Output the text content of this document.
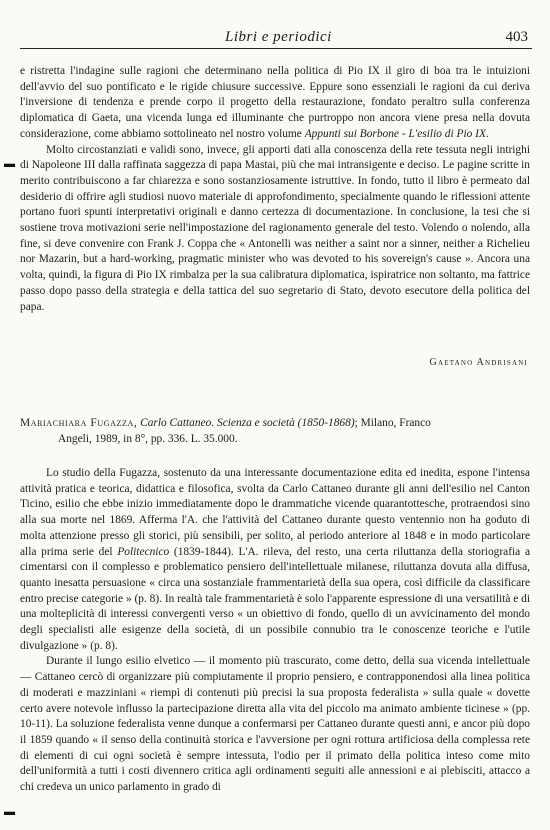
Libri e periodici	403

e ristretta l'indagine sulle ragioni che determinano nella politica di Pio IX il giro di boa tra le intuizioni dell'avvio del suo pontificato e le rigide chiusure successive. Eppure sono essenziali le ragioni da cui deriva l'inversione di tendenza e prende corpo il progetto della restaurazione, fondato peraltro sulla conferenza diplomatica di Gaeta, una vicenda lunga ed illuminante che purtroppo non ancora viene presa nella dovuta considerazione, come abbiamo sottolineato nel nostro volume Appunti sui Borbone - L'esilio di Pio IX.

Molto circostanziati e validi sono, invece, gli apporti dati alla conoscenza della rete tessuta negli intrighi di Napoleone III dalla raffinata saggezza di papa Mastai, più che mai intransigente e deciso. Le pagine scritte in merito contribuiscono a far chiarezza e sono sostanziosamente istruttive. In fondo, tutto il libro è permeato dal desiderio di offrire agli studiosi nuovo materiale di approfondimento, specialmente quando le riflessioni attente portano fuori spunti interpretativi originali e danno certezza di documentazione. In conclusione, la tesi che si sostiene trova motivazioni serie nell'impostazione del ragionamento generale del testo. Volendo o nolendo, alla fine, si deve convenire con Frank J. Coppa che « Antonelli was neither a saint nor a sinner, neither a Richelieu nor Mazarin, but a hard-working, pragmatic minister who was devoted to his sovereign's cause ». Ancora una volta, quindi, la figura di Pio IX rimbalza per la sua calibratura diplomatica, ispiratrice non soltanto, ma fattrice passo dopo passo della strategia e della tattica del suo segretario di Stato, devoto esecutore della politica del papa.

Gaetano Andrisani
Mariachiara Fugazza, Carlo Cattaneo. Scienza e società (1850-1868); Milano, Franco
Angeli, 1989, in 8°, pp. 336. L. 35.000.

Lo studio della Fugazza, sostenuto da una interessante documentazione edita ed inedita, espone l'intensa attività pratica e teorica, didattica e filosofica, svolta da Carlo Cattaneo durante gli anni dell'esilio nel Canton Ticino, esilio che ebbe inizio immediatamente dopo le drammatiche vicende quarantottesche, protraendosi sino alla sua morte nel 1869. Afferma l'A. che l'attività del Cattaneo durante questo ventennio non ha goduto di molta attenzione presso gli storici, più sensibili, per solito, al periodo anteriore al 1848 e in modo particolare alla prima serie del Politecnico (1839-1844). L'A. rileva, del resto, una certa riluttanza della storiografia a cimentarsi con il complesso e problematico pensiero dell'intellettuale milanese, riluttanza dovuta alla diffusa, quanto inesatta persuasione « circa una sostanziale frammentarietà della sua opera, così difficile da classificare entro precise categorie » (p. 8). In realtà tale frammentarietà è solo l'apparente espressione di una versatilità e di una molteplicità di interessi convergenti verso « un obiettivo di fondo, quello di un avvicinamento del mondo degli specialisti alle esigenze della società, di un possibile connubio tra le conoscenze teoriche e l'utile divulgazione » (p. 8).

Durante il lungo esilio elvetico — il momento più trascurato, come detto, della sua vicenda intellettuale — Cattaneo cercò di organizzare più compiutamente il proprio pensiero, e contrapponendosi alla linea politica di moderati e mazziniani « riempì di contenuti più precisi la sua proposta federalista » sulla quale « dovette certo avere notevole influsso la partecipazione diretta alla vita del piccolo ma animato ambiente ticinese » (pp. 10-11). La soluzione federalista venne dunque a confermarsi per Cattaneo durante questi anni, e ancor più dopo il 1859 quando « il senso della continuità storica e l'avversione per ogni rottura artificiosa della complessa rete di elementi di cui ogni società è sempre intessuta, l'odio per il primato della politica inteso come mito dell'uniformità a tutti i costi divennero critica agli ordinamenti seguiti alle annessioni e ai plebisciti, attacco a chi credeva un unico parlamento in grado di

▬
▬
